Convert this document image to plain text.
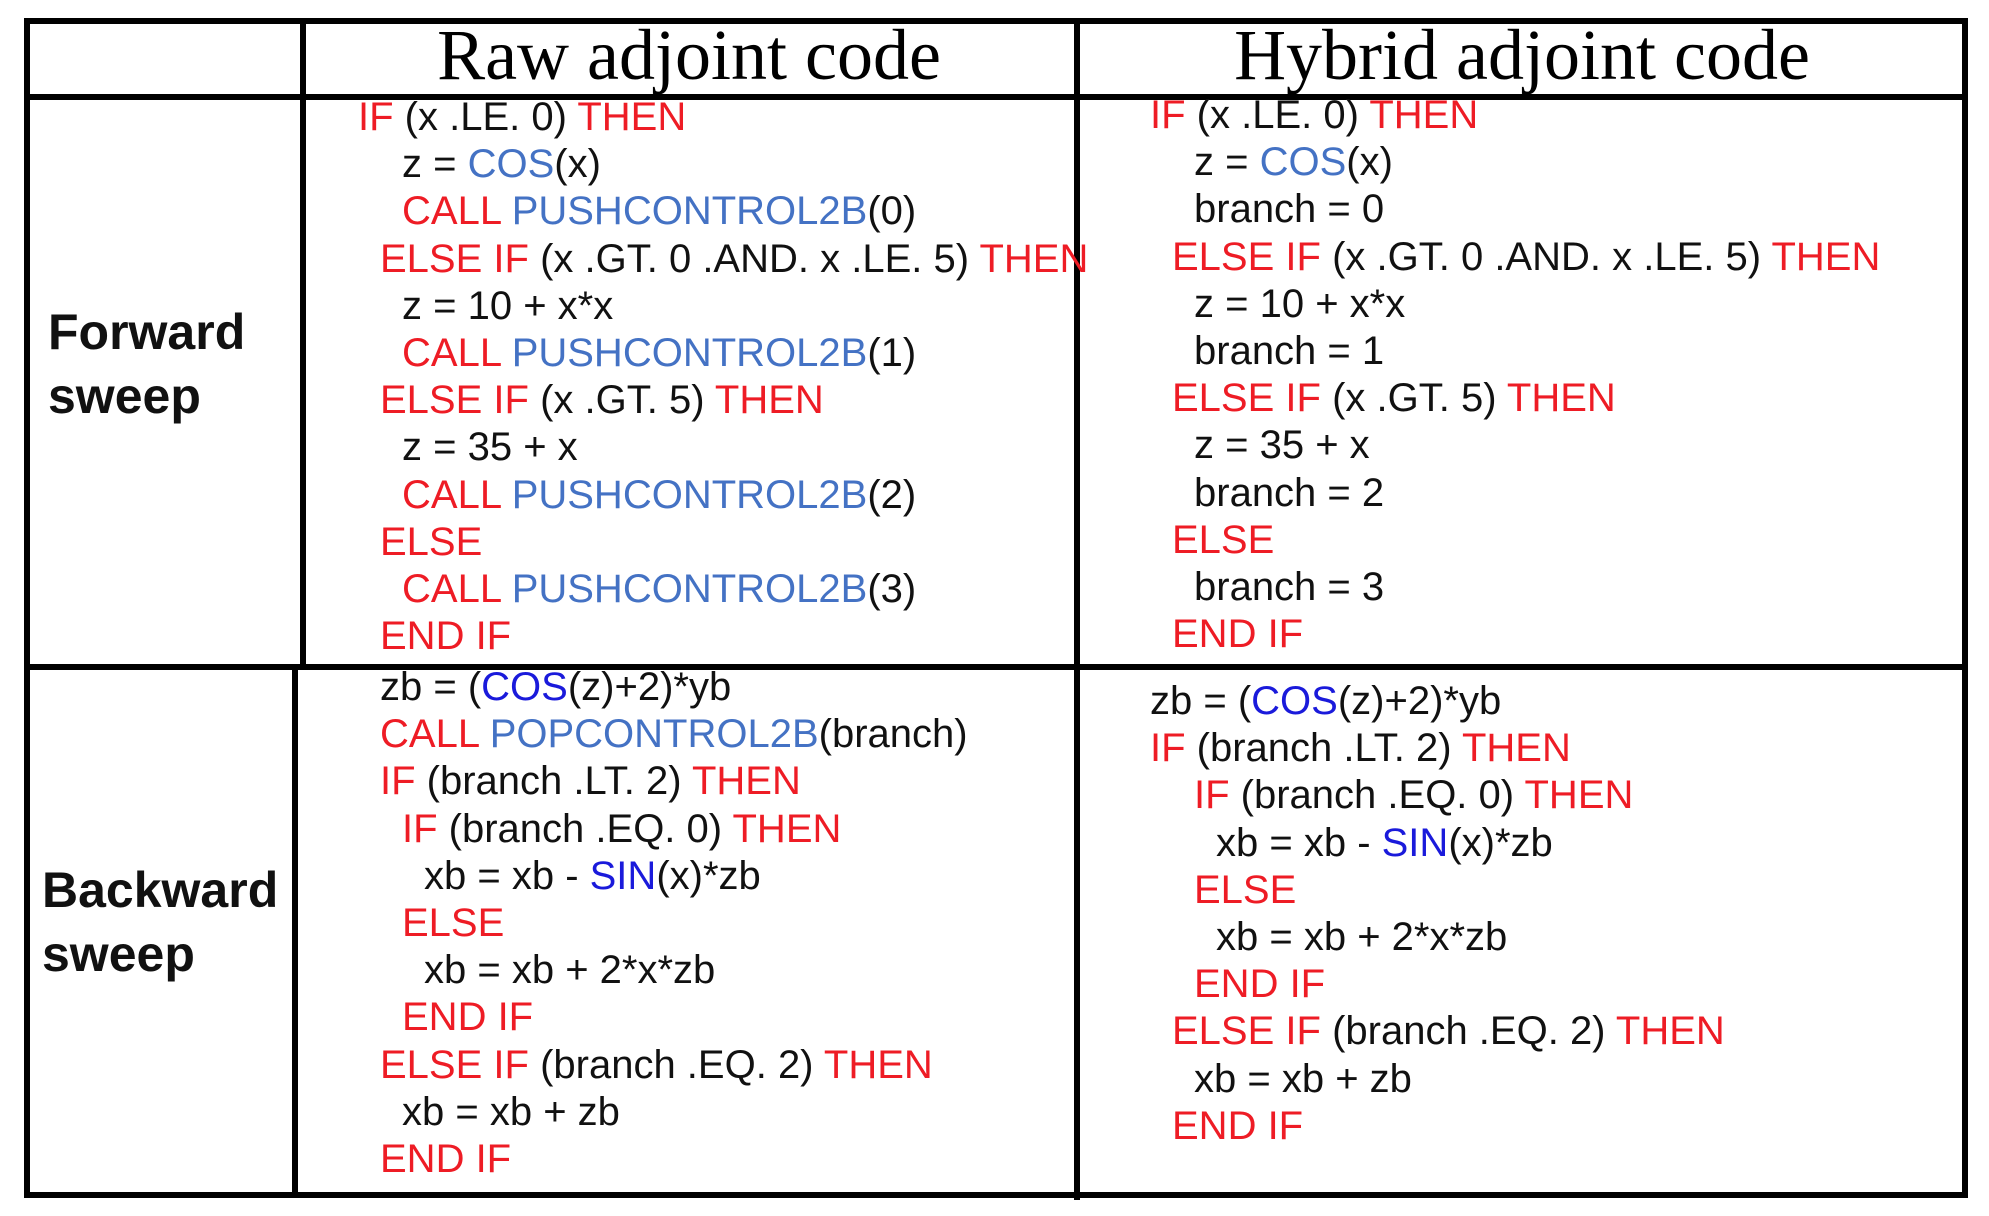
Raw adjoint code	Hybrid adjoint code
Forward
sweep
Backward
sweep
IF (x .LE. 0) THEN
z = COS(x)
CALL PUSHCONTROL2B(0)
ELSE IF (x .GT. 0 .AND. x .LE. 5) THEN
z = 10 + x*x
CALL PUSHCONTROL2B(1)
ELSE IF (x .GT. 5) THEN
z = 35 + x
CALL PUSHCONTROL2B(2)
ELSE
CALL PUSHCONTROL2B(3)
END IF
IF (x .LE. 0) THEN
z = COS(x)
branch = 0
ELSE IF (x .GT. 0 .AND. x .LE. 5) THEN
z = 10 + x*x
branch = 1
ELSE IF (x .GT. 5) THEN
z = 35 + x
branch = 2
ELSE
branch = 3
END IF
zb = (COS(z)+2)*yb
CALL POPCONTROL2B(branch)
IF (branch .LT. 2) THEN
IF (branch .EQ. 0) THEN
xb = xb - SIN(x)*zb
ELSE
xb = xb + 2*x*zb
END IF
ELSE IF (branch .EQ. 2) THEN
xb = xb + zb
END IF
zb = (COS(z)+2)*yb
IF (branch .LT. 2) THEN
IF (branch .EQ. 0) THEN
xb = xb - SIN(x)*zb
ELSE
xb = xb + 2*x*zb
END IF
ELSE IF (branch .EQ. 2) THEN
xb = xb + zb
END IF
